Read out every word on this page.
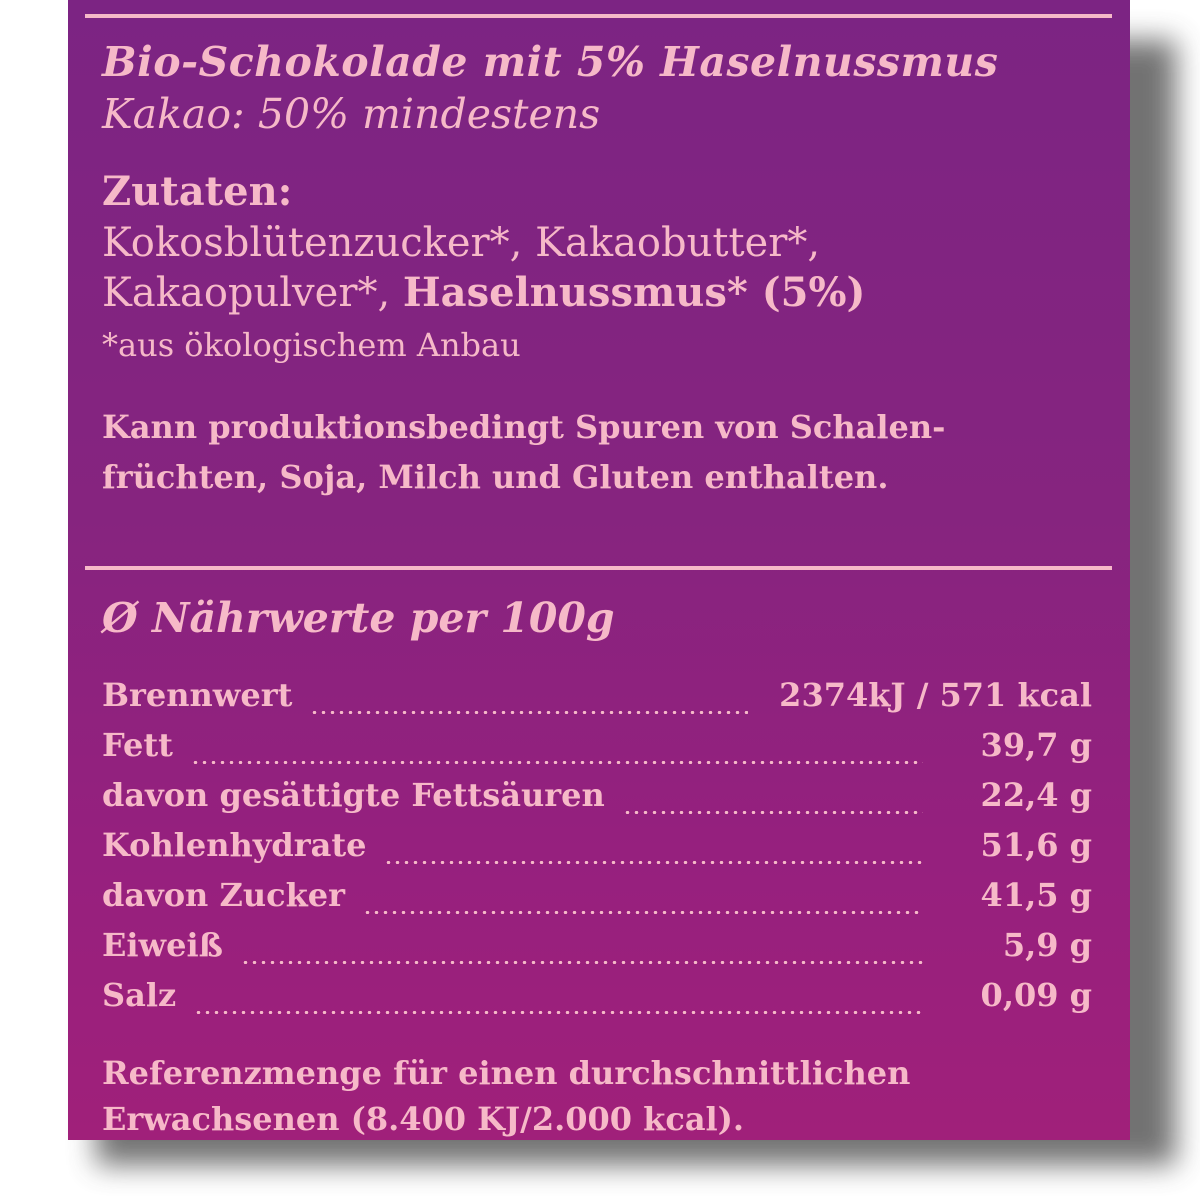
Bio-Schokolade mit 5% Haselnussmus

Kakao: 50% mindestens

Zutaten:

Kokosblütenzucker*, Kakaobutter*,

Kakaopulver*, Haselnussmus* (5%)

*aus ökologischem Anbau

Kann produktionsbedingt Spuren von Schalen-

früchten, Soja, Milch und Gluten enthalten.

Ø Nährwerte per 100g

Brennwert	2374kJ / 571 kcal
Fett	39,7 g
davon gesättigte Fettsäuren	22,4 g
Kohlenhydrate	51,6 g
davon Zucker	41,5 g
Eiweiß	5,9 g
Salz	0,09 g

Referenzmenge für einen durchschnittlichen

Erwachsenen (8.400 KJ/2.000 kcal).
